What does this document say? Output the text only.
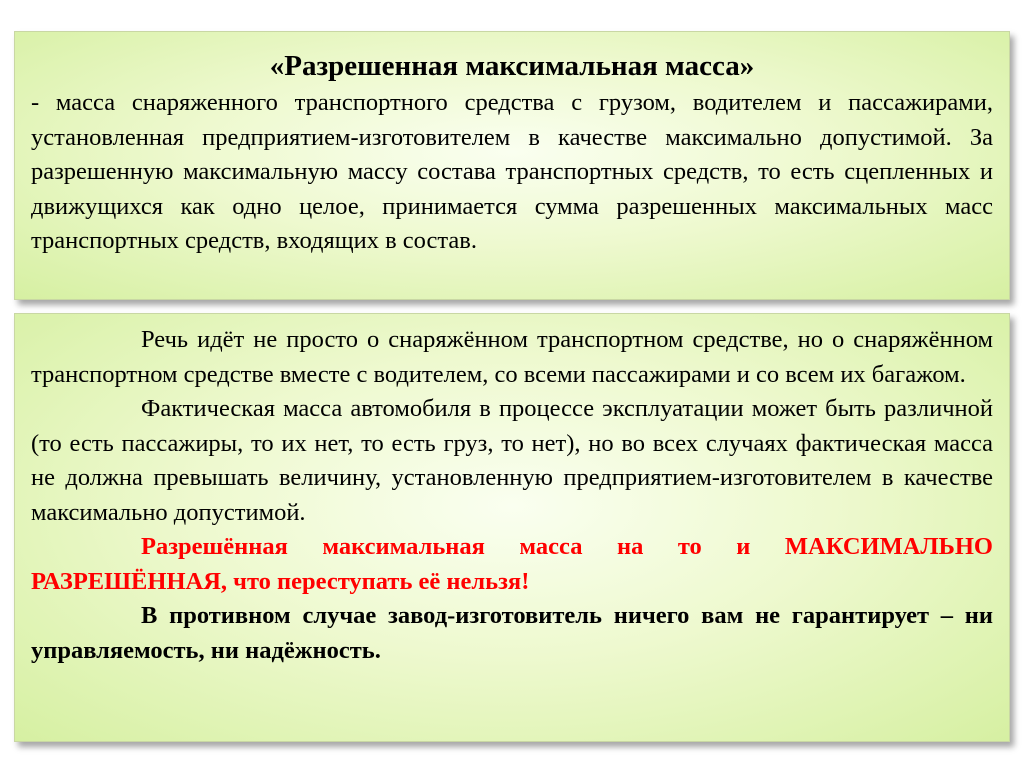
«Разрешенная максимальная масса»

- масса снаряженного транспортного средства с грузом, водителем и пассажирами, установленная предприятием-изготовителем в качестве максимально допустимой. За разрешенную максимальную массу состава транспортных средств, то есть сцепленных и движущихся как одно целое, принимается сумма разрешенных максимальных масс транспортных средств, входящих в состав.

Речь идёт не просто о снаряжённом транспортном средстве, но о снаряжённом транспортном средстве вместе с водителем, со всеми пассажирами и со всем их багажом.

Фактическая масса автомобиля в процессе эксплуатации может быть различной (то есть пассажиры, то их нет, то есть груз, то нет), но во всех случаях фактическая масса не должна превышать величину, установленную предприятием-изготовителем в качестве максимально допустимой.

Разрешённая максимальная масса на то и МАКСИМАЛЬНО РАЗРЕШЁННАЯ, что переступать её нельзя!

В противном случае завод-изготовитель ничего вам не гарантирует – ни управляемость, ни надёжность.
